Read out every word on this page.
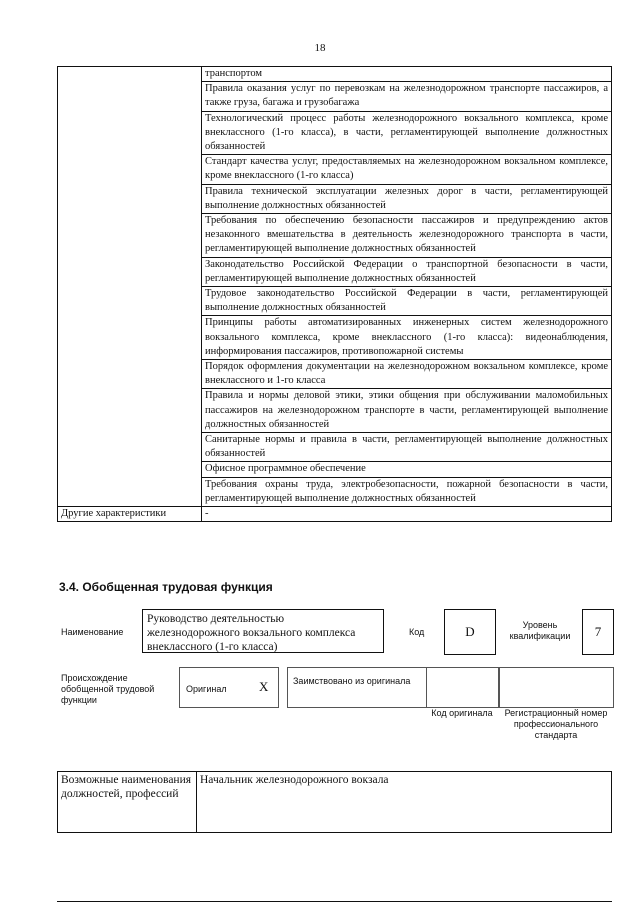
18
	транспортом
	Правила оказания услуг по перевозкам на железнодорожном транспорте пассажиров, а также груза, багажа и грузобагажа
	Технологический процесс работы железнодорожного вокзального комплекса, кроме внеклассного (1-го класса), в части, регламентирующей выполнение должностных обязанностей
	Стандарт качества услуг, предоставляемых на железнодорожном вокзальном комплексе, кроме внеклассного (1-го класса)
	Правила технической эксплуатации железных дорог в части, регламентирующей выполнение должностных обязанностей
	Требования по обеспечению безопасности пассажиров и предупреждению актов незаконного вмешательства в деятельность железнодорожного транспорта в части, регламентирующей выполнение должностных обязанностей
	Законодательство Российской Федерации о транспортной безопасности в части, регламентирующей выполнение должностных обязанностей
	Трудовое законодательство Российской Федерации в части, регламентирующей выполнение должностных обязанностей
	Принципы работы автоматизированных инженерных систем железнодорожного вокзального комплекса, кроме внеклассного (1-го класса): видеонаблюдения, информирования пассажиров, противопожарной системы
	Порядок оформления документации на железнодорожном вокзальном комплексе, кроме внеклассного и 1-го класса
	Правила и нормы деловой этики, этики общения при обслуживании маломобильных пассажиров на железнодорожном транспорте в части, регламентирующей выполнение должностных обязанностей
	Санитарные нормы и правила в части, регламентирующей выполнение должностных обязанностей
	Офисное программное обеспечение
	Требования охраны труда, электробезопасности, пожарной безопасности в части, регламентирующей выполнение должностных обязанностей
Другие характеристики	-
3.4. Обобщенная трудовая функция
Наименование
Руководство деятельностью железнодорожного вокзального комплекса внеклассного (1-го класса)
Код	D	Уровень квалификации	7
Происхождение обобщенной трудовой функции
Оригинал X	Заимствовано из оригинала
Код оригинала	Регистрационный номер профессионального стандарта
Возможные наименования должностей, профессий	Начальник железнодорожного вокзала
